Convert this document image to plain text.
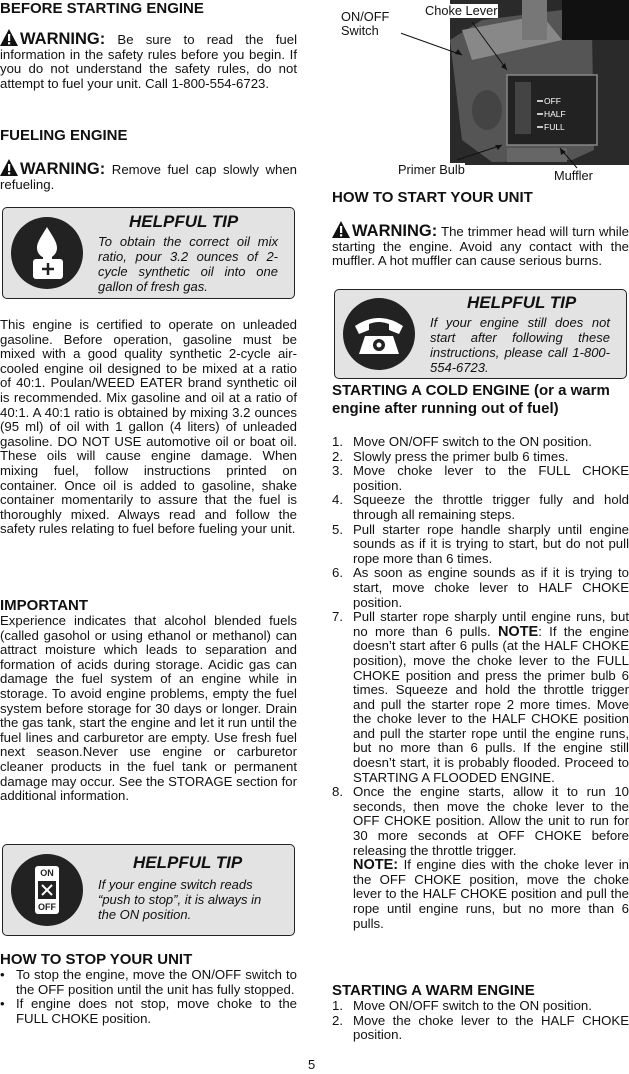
BEFORE STARTING ENGINE

WARNING: Be sure to read the fuel information in the safety rules before you begin. If you do not understand the safety rules, do not attempt to fuel your unit. Call 1-800-554-6723.

FUELING ENGINE

WARNING: Remove fuel cap slowly when refueling.

HELPFUL TIP
To obtain the correct oil mix ratio, pour 3.2 ounces of 2-cycle synthetic oil into one gallon of fresh gas.

This engine is certified to operate on unleaded gasoline. Before operation, gasoline must be mixed with a good quality synthetic 2-cycle air-cooled engine oil designed to be mixed at a ratio of 40:1. Poulan/WEED EATER brand synthetic oil is recommended. Mix gasoline and oil at a ratio of 40:1. A 40:1 ratio is obtained by mixing 3.2 ounces (95 ml) of oil with 1 gallon (4 liters) of unleaded gasoline. DO NOT USE automotive oil or boat oil. These oils will cause engine damage. When mixing fuel, follow instructions printed on container. Once oil is added to gasoline, shake container momentarily to assure that the fuel is thoroughly mixed. Always read and follow the safety rules relating to fuel before fueling your unit.

IMPORTANT

Experience indicates that alcohol blended fuels (called gasohol or using ethanol or methanol) can attract moisture which leads to separation and formation of acids during storage. Acidic gas can damage the fuel system of an engine while in storage. To avoid engine problems, empty the fuel system before storage for 30 days or longer. Drain the gas tank, start the engine and let it run until the fuel lines and carburetor are empty. Use fresh fuel next season.Never use engine or carburetor cleaner products in the fuel tank or permanent damage may occur. See the STORAGE section for additional information.

ON
OFF
HELPFUL TIP
If your engine switch reads “push to stop”, it is always in the ON position.

HOW TO STOP YOUR UNIT

• To stop the engine, move the ON/OFF switch to the OFF position until the unit has fully stopped.
• If engine does not stop, move choke to the FULL CHOKE position.
OFF
HALF
FULL
ON/OFF Switch
Choke Lever
Primer Bulb	Muffler

HOW TO START YOUR UNIT

WARNING: The trimmer head will turn while starting the engine. Avoid any contact with the muffler. A hot muffler can cause serious burns.

HELPFUL TIP
If your engine still does not start after following these instructions, please call 1-800-554-6723.

STARTING A COLD ENGINE (or a warm engine after running out of fuel)

1. Move ON/OFF switch to the ON position.
2. Slowly press the primer bulb 6 times.
3. Move choke lever to the FULL CHOKE position.
4. Squeeze the throttle trigger fully and hold through all remaining steps.
5. Pull starter rope handle sharply until engine sounds as if it is trying to start, but do not pull rope more than 6 times.
6. As soon as engine sounds as if it is trying to start, move choke lever to HALF CHOKE position.
7. Pull starter rope sharply until engine runs, but no more than 6 pulls. NOTE: If the engine doesn’t start after 6 pulls (at the HALF CHOKE position), move the choke lever to the FULL CHOKE position and press the primer bulb 6 times. Squeeze and hold the throttle trigger and pull the starter rope 2 more times. Move the choke lever to the HALF CHOKE position and pull the starter rope until the engine runs, but no more than 6 pulls. If the engine still doesn’t start, it is probably flooded. Proceed to STARTING A FLOODED ENGINE.
8. Once the engine starts, allow it to run 10 seconds, then move the choke lever to the OFF CHOKE position. Allow the unit to run for 30 more seconds at OFF CHOKE before releasing the throttle trigger.
NOTE: If engine dies with the choke lever in the OFF CHOKE position, move the choke lever to the HALF CHOKE position and pull the rope until engine runs, but no more than 6 pulls.

STARTING A WARM ENGINE

1. Move ON/OFF switch to the ON position.
2. Move the choke lever to the HALF CHOKE position.
5
